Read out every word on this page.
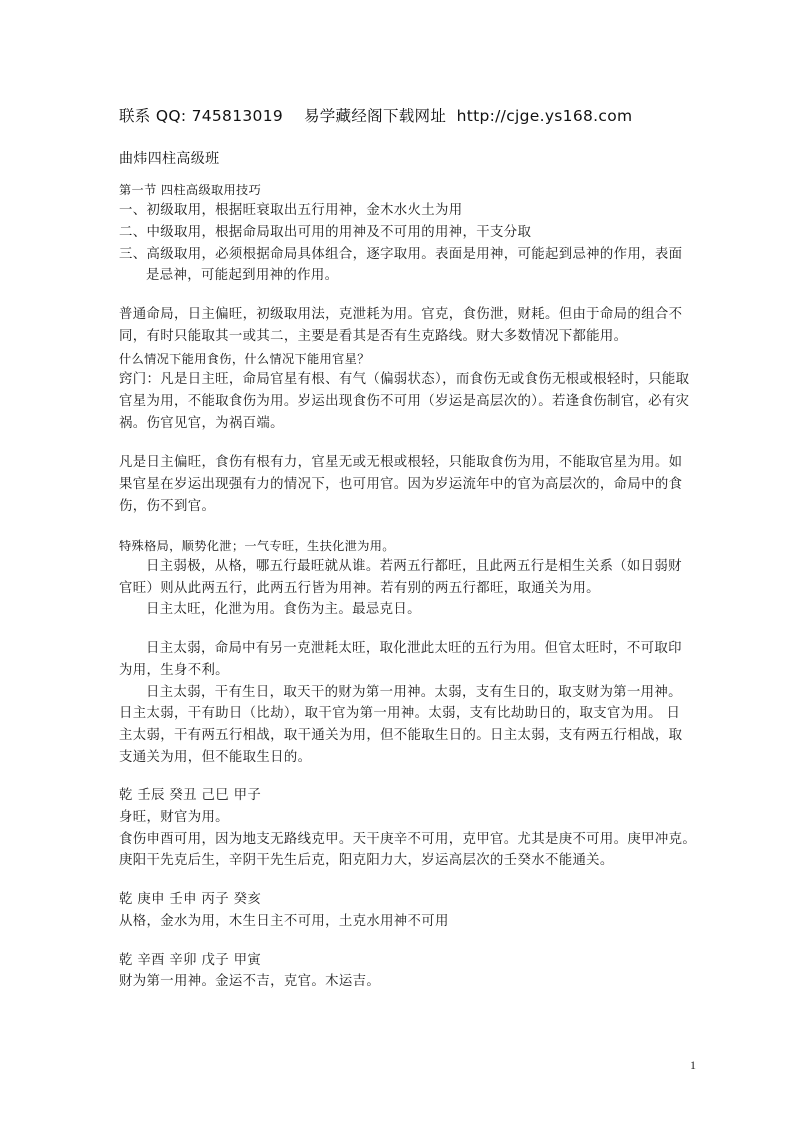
联系 QQ: 745813019 易学藏经阁下载网址 http://cjge.ys168.com
曲炜四柱高级班
第一节 四柱高级取用技巧
一、初级取用，根据旺衰取出五行用神，金木水火土为用
二、中级取用，根据命局取出可用的用神及不可用的用神，干支分取
三、高级取用，必须根据命局具体组合，逐字取用。表面是用神，可能起到忌神的作用，表面
是忌神，可能起到用神的作用。
普通命局，日主偏旺，初级取用法，克泄耗为用。官克，食伤泄，财耗。但由于命局的组合不
同，有时只能取其一或其二，主要是看其是否有生克路线。财大多数情况下都能用。
什么情况下能用食伤，什么情况下能用官星？
窍门：凡是日主旺，命局官星有根、有气（偏弱状态），而食伤无或食伤无根或根轻时，只能取
官星为用，不能取食伤为用。岁运出现食伤不可用（岁运是高层次的）。若逢食伤制官，必有灾
祸。伤官见官，为祸百端。
凡是日主偏旺，食伤有根有力，官星无或无根或根轻，只能取食伤为用，不能取官星为用。如
果官星在岁运出现强有力的情况下，也可用官。因为岁运流年中的官为高层次的，命局中的食
伤，伤不到官。
特殊格局，顺势化泄；一气专旺，生扶化泄为用。
日主弱极，从格，哪五行最旺就从谁。若两五行都旺，且此两五行是相生关系（如日弱财
官旺）则从此两五行，此两五行皆为用神。若有别的两五行都旺，取通关为用。
日主太旺，化泄为用。食伤为主。最忌克日。
日主太弱，命局中有另一克泄耗太旺，取化泄此太旺的五行为用。但官太旺时，不可取印
为用，生身不利。
日主太弱，干有生日，取天干的财为第一用神。太弱，支有生日的，取支财为第一用神。
日主太弱，干有助日（比劫），取干官为第一用神。太弱，支有比劫助日的，取支官为用。 日
主太弱，干有两五行相战，取干通关为用，但不能取生日的。日主太弱，支有两五行相战，取
支通关为用，但不能取生日的。
乾 壬辰 癸丑 己巳 甲子
身旺，财官为用。
食伤申酉可用，因为地支无路线克甲。天干庚辛不可用，克甲官。尤其是庚不可用。庚甲冲克。
庚阳干先克后生，辛阴干先生后克，阳克阳力大，岁运高层次的壬癸水不能通关。
乾 庚申 壬申 丙子 癸亥
从格，金水为用，木生日主不可用，土克水用神不可用
乾 辛酉 辛卯 戊子 甲寅
财为第一用神。金运不吉，克官。木运吉。
1
